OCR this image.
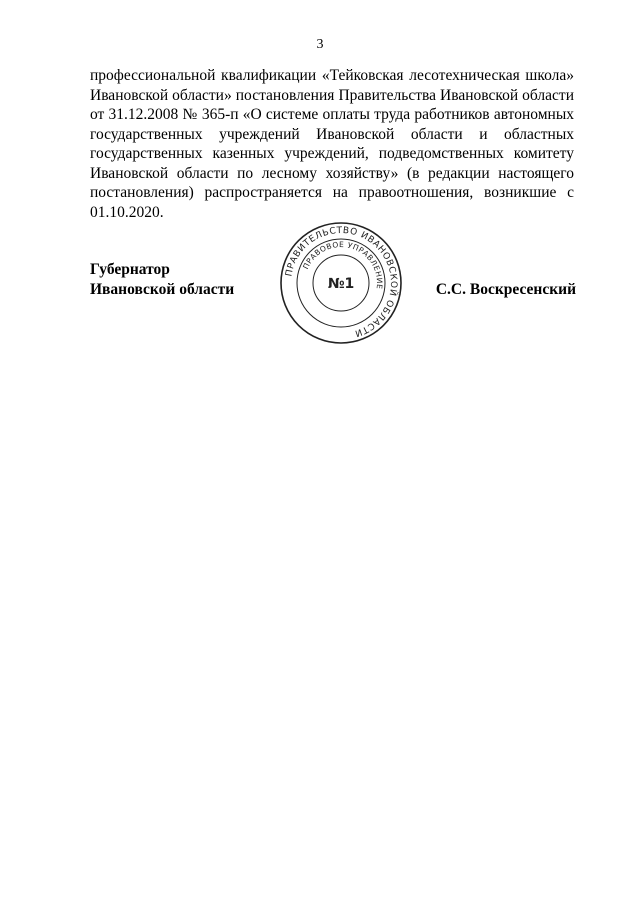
3
профессиональной квалификации «Тейковская лесотехническая школа»
Ивановской области» постановления Правительства Ивановской области
от 31.12.2008 № 365-п «О системе оплаты труда работников автономных
государственных учреждений Ивановской области и областных
государственных казенных учреждений, подведомственных комитету
Ивановской области по лесному хозяйству» (в редакции настоящего
постановления) распространяется на правоотношения, возникшие с
01.10.2020.
Губернатор
Ивановской области	С.С. Воскресенский
ПРАВИТЕЛЬСТВО ИВАНОВСКОЙ ОБЛАСТИ
ПРАВОВОЕ УПРАВЛЕНИЕ
№1
